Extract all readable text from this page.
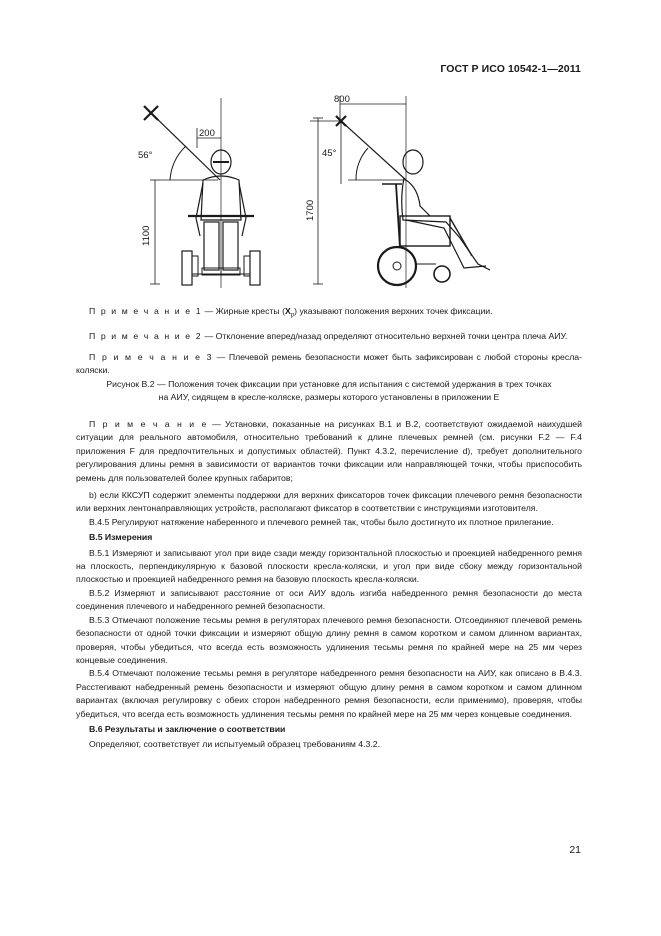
ГОСТ Р ИСО 10542-1—2011
200
56°
1100
800
45°
1700

П р и м е ч а н и е 1 — Жирные кресты $(X_p)$ указывают положения верхних точек фиксации.

П р и м е ч а н и е 2 — Отклонение вперед/назад определяют относительно верхней точки центра плеча АИУ.

П р и м е ч а н и е 3 — Плечевой ремень безопасности может быть зафиксирован с любой стороны кресла-коляски.

Рисунок B.2 — Положения точек фиксации при установке для испытания с системой удержания в трех точках

на АИУ, сидящем в кресле-коляске, размеры которого установлены в приложении E

П р и м е ч а н и е — Установки, показанные на рисунках B.1 и B.2, соответствуют ожидаемой наихудшей ситуации для реального автомобиля, относительно требований к длине плечевых ремней (см. рисунки F.2 — F.4 приложения F для предпочтительных и допустимых областей). Пункт 4.3.2, перечисление d), требует дополнительного регулирования длины ремня в зависимости от вариантов точки фиксации или направляющей точки, чтобы приспособить ремень для пользователей более крупных габаритов;

b) если ККСУП содержит элементы поддержки для верхних фиксаторов точек фиксации плечевого ремня безопасности или верхних лентонаправляющих устройств, располагают фиксатор в соответствии с инструкциями изготовителя.

B.4.5 Регулируют натяжение наберенного и плечевого ремней так, чтобы было достигнуто их плотное прилегание.

B.5 Измерения

B.5.1 Измеряют и записывают угол при виде сзади между горизонтальной плоскостью и проекцией набедренного ремня на плоскость, перпендикулярную к базовой плоскости кресла-коляски, и угол при виде сбоку между горизонтальной плоскостью и проекцией набедренного ремня на базовую плоскость кресла-коляски.

B.5.2 Измеряют и записывают расстояние от оси АИУ вдоль изгиба набедренного ремня безопасности до места соединения плечевого и набедренного ремней безопасности.

B.5.3 Отмечают положение тесьмы ремня в регуляторах плечевого ремня безопасности. Отсоединяют плечевой ремень безопасности от одной точки фиксации и измеряют общую длину ремня в самом коротком и самом длинном вариантах, проверяя, чтобы убедиться, что всегда есть возможность удлинения тесьмы ремня по крайней мере на 25 мм через концевые соединения.

B.5.4 Отмечают положение тесьмы ремня в регуляторе набедренного ремня безопасности на АИУ, как описано в B.4.3. Расстегивают набедренный ремень безопасности и измеряют общую длину ремня в самом коротком и самом длинном вариантах (включая регулировку с обеих сторон набедренного ремня безопасности, если применимо), проверяя, чтобы убедиться, что всегда есть возможность удлинения тесьмы ремня по крайней мере на 25 мм через концевые соединения.

B.6 Результаты и заключение о соответствии

Определяют, соответствует ли испытуемый образец требованиям 4.3.2.

21
